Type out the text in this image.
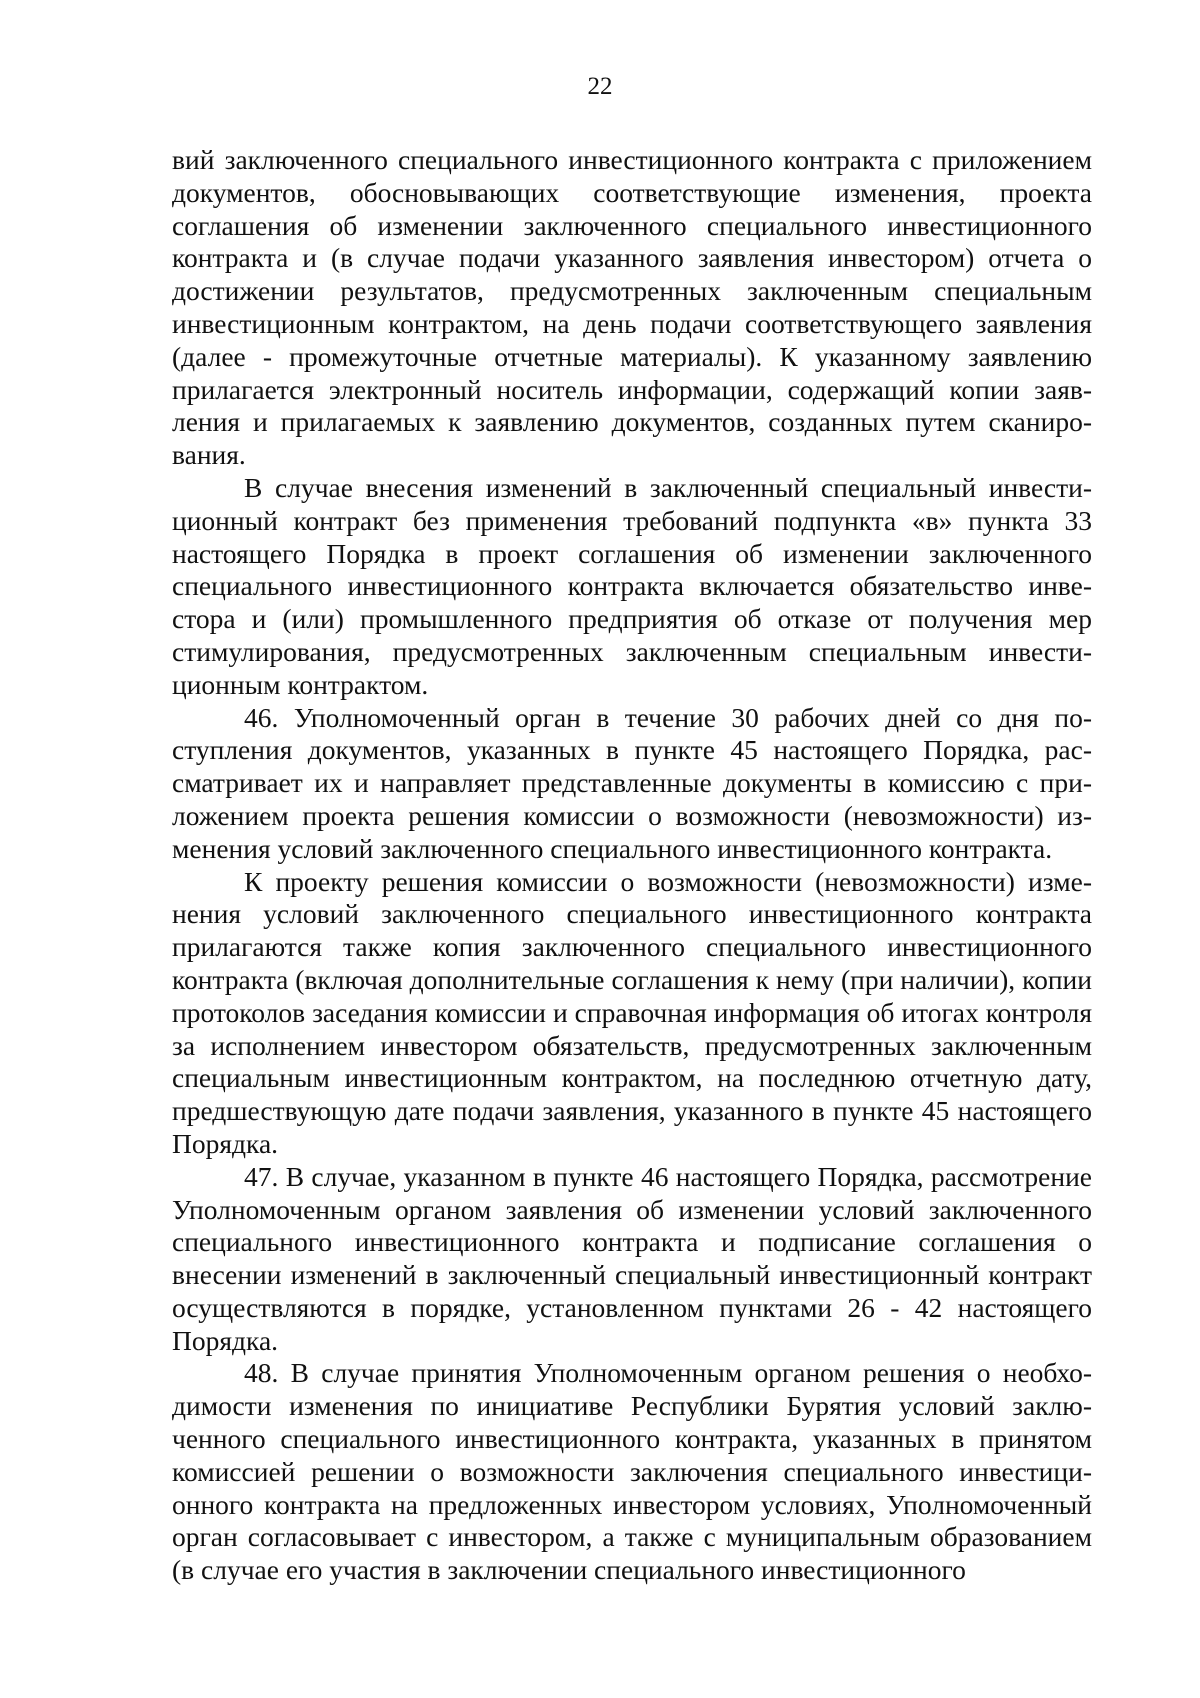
22

вий заключенного специального инвестиционного контракта с приложением документов, обосновывающих соответствующие изменения, проекта соглашения об изменении заключенного специального инвестиционного контракта и (в случае подачи указанного заявления инвестором) отчета о достижении результатов, предусмотренных заключенным специальным инвестиционным контрактом, на день подачи соответствующего заявления (далее - промежуточные отчетные материалы). К указанному заявлению прилагается электронный носитель информации, содержащий копии заявления и прилагаемых к заявлению документов, созданных путем сканирования.

В случае внесения изменений в заключенный специальный инвестиционный контракт без применения требований подпункта «в» пункта 33 настоящего Порядка в проект соглашения об изменении заключенного специального инвестиционного контракта включается обязательство инвестора и (или) промышленного предприятия об отказе от получения мер стимулирования, предусмотренных заключенным специальным инвестиционным контрактом.

46. Уполномоченный орган в течение 30 рабочих дней со дня поступления документов, указанных в пункте 45 настоящего Порядка, рассматривает их и направляет представленные документы в комиссию с приложением проекта решения комиссии о возможности (невозможности) изменения условий заключенного специального инвестиционного контракта.

К проекту решения комиссии о возможности (невозможности) изменения условий заключенного специального инвестиционного контракта прилагаются также копия заключенного специального инвестиционного контракта (включая дополнительные соглашения к нему (при наличии), копии протоколов заседания комиссии и справочная информация об итогах контроля за исполнением инвестором обязательств, предусмотренных заключенным специальным инвестиционным контрактом, на последнюю отчетную дату, предшествующую дате подачи заявления, указанного в пункте 45 настоящего Порядка.

47. В случае, указанном в пункте 46 настоящего Порядка, рассмотрение Уполномоченным органом заявления об изменении условий заключенного специального инвестиционного контракта и подписание соглашения о внесении изменений в заключенный специальный инвестиционный контракт осуществляются в порядке, установленном пунктами 26 - 42 настоящего Порядка.

48. В случае принятия Уполномоченным органом решения о необходимости изменения по инициативе Республики Бурятия условий заключенного специального инвестиционного контракта, указанных в принятом комиссией решении о возможности заключения специального инвестиционного контракта на предложенных инвестором условиях, Уполномоченный орган согласовывает с инвестором, а также с муниципальным образованием (в случае его участия в заключении специального инвестиционного
